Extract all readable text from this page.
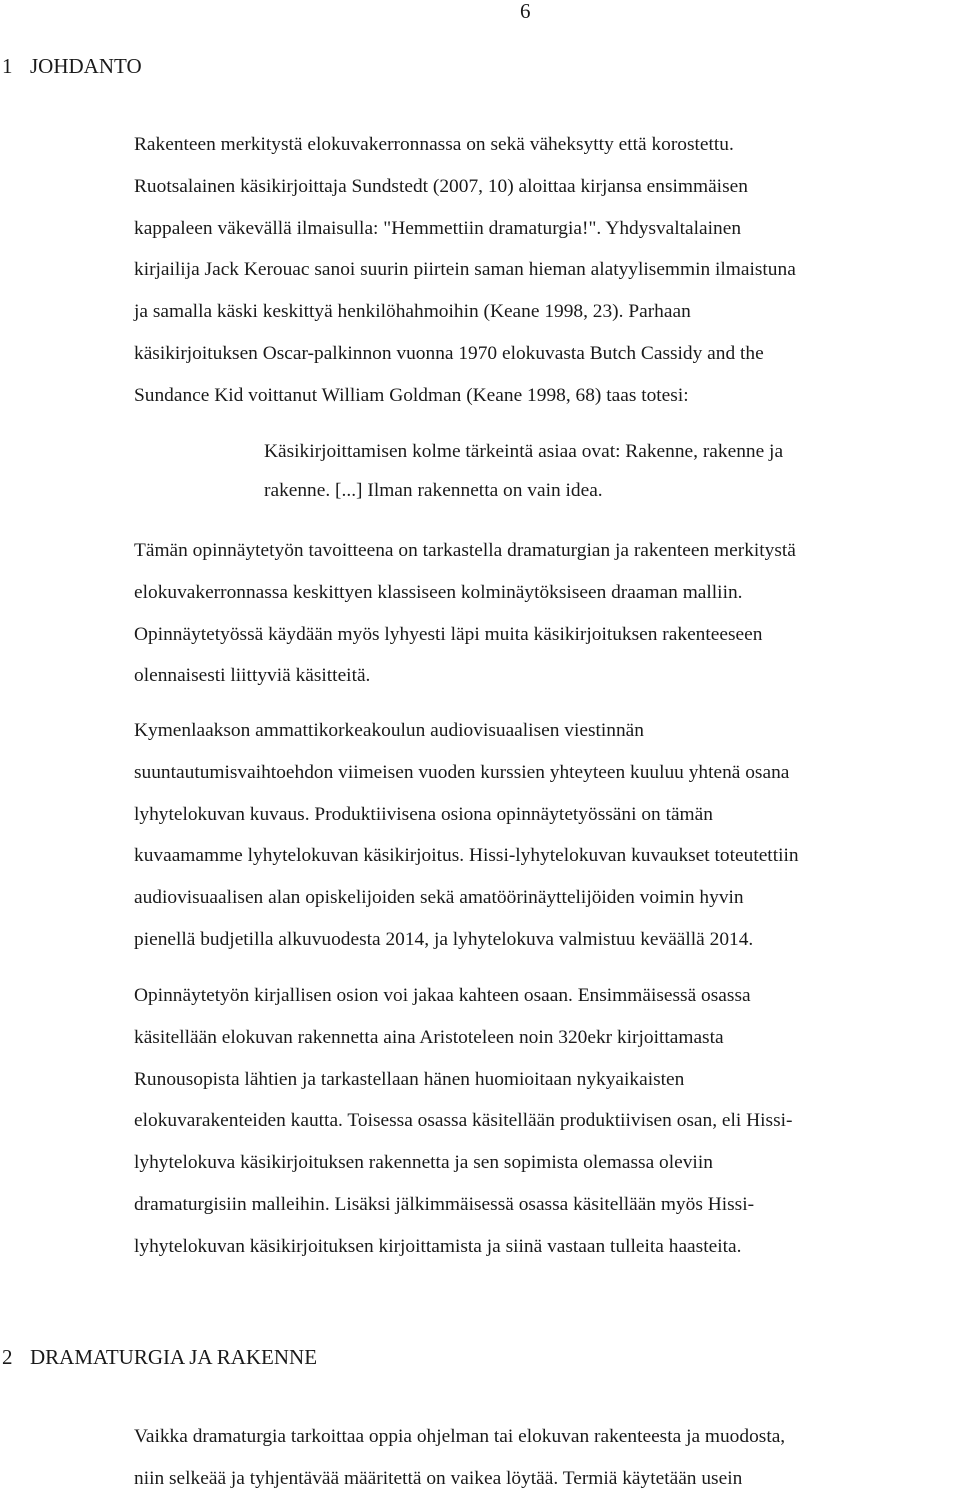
6
1 JOHDANTO

Rakenteen merkitystä elokuvakerronnassa on sekä väheksytty että korostettu.
Ruotsalainen käsikirjoittaja Sundstedt (2007, 10) aloittaa kirjansa ensimmäisen
kappaleen väkevällä ilmaisulla: "Hemmettiin dramaturgia!". Yhdysvaltalainen
kirjailija Jack Kerouac sanoi suurin piirtein saman hieman alatyylisemmin ilmaistuna
ja samalla käski keskittyä henkilöhahmoihin (Keane 1998, 23). Parhaan
käsikirjoituksen Oscar-palkinnon vuonna 1970 elokuvasta Butch Cassidy and the
Sundance Kid voittanut William Goldman (Keane 1998, 68) taas totesi:

Käsikirjoittamisen kolme tärkeintä asiaa ovat: Rakenne, rakenne ja
rakenne. [...] Ilman rakennetta on vain idea.

Tämän opinnäytetyön tavoitteena on tarkastella dramaturgian ja rakenteen merkitystä
elokuvakerronnassa keskittyen klassiseen kolminäytöksiseen draaman malliin.
Opinnäytetyössä käydään myös lyhyesti läpi muita käsikirjoituksen rakenteeseen
olennaisesti liittyviä käsitteitä.

Kymenlaakson ammattikorkeakoulun audiovisuaalisen viestinnän
suuntautumisvaihtoehdon viimeisen vuoden kurssien yhteyteen kuuluu yhtenä osana
lyhytelokuvan kuvaus. Produktiivisena osiona opinnäytetyössäni on tämän
kuvaamamme lyhytelokuvan käsikirjoitus. Hissi-lyhytelokuvan kuvaukset toteutettiin
audiovisuaalisen alan opiskelijoiden sekä amatöörinäyttelijöiden voimin hyvin
pienellä budjetilla alkuvuodesta 2014, ja lyhytelokuva valmistuu keväällä 2014.

Opinnäytetyön kirjallisen osion voi jakaa kahteen osaan. Ensimmäisessä osassa
käsitellään elokuvan rakennetta aina Aristoteleen noin 320ekr kirjoittamasta
Runousopista lähtien ja tarkastellaan hänen huomioitaan nykyaikaisten
elokuvarakenteiden kautta. Toisessa osassa käsitellään produktiivisen osan, eli Hissi-
lyhytelokuva käsikirjoituksen rakennetta ja sen sopimista olemassa oleviin
dramaturgisiin malleihin. Lisäksi jälkimmäisessä osassa käsitellään myös Hissi-
lyhytelokuvan käsikirjoituksen kirjoittamista ja siinä vastaan tulleita haasteita.

2 DRAMATURGIA JA RAKENNE

Vaikka dramaturgia tarkoittaa oppia ohjelman tai elokuvan rakenteesta ja muodosta,
niin selkeää ja tyhjentävää määritettä on vaikea löytää. Termiä käytetään usein
